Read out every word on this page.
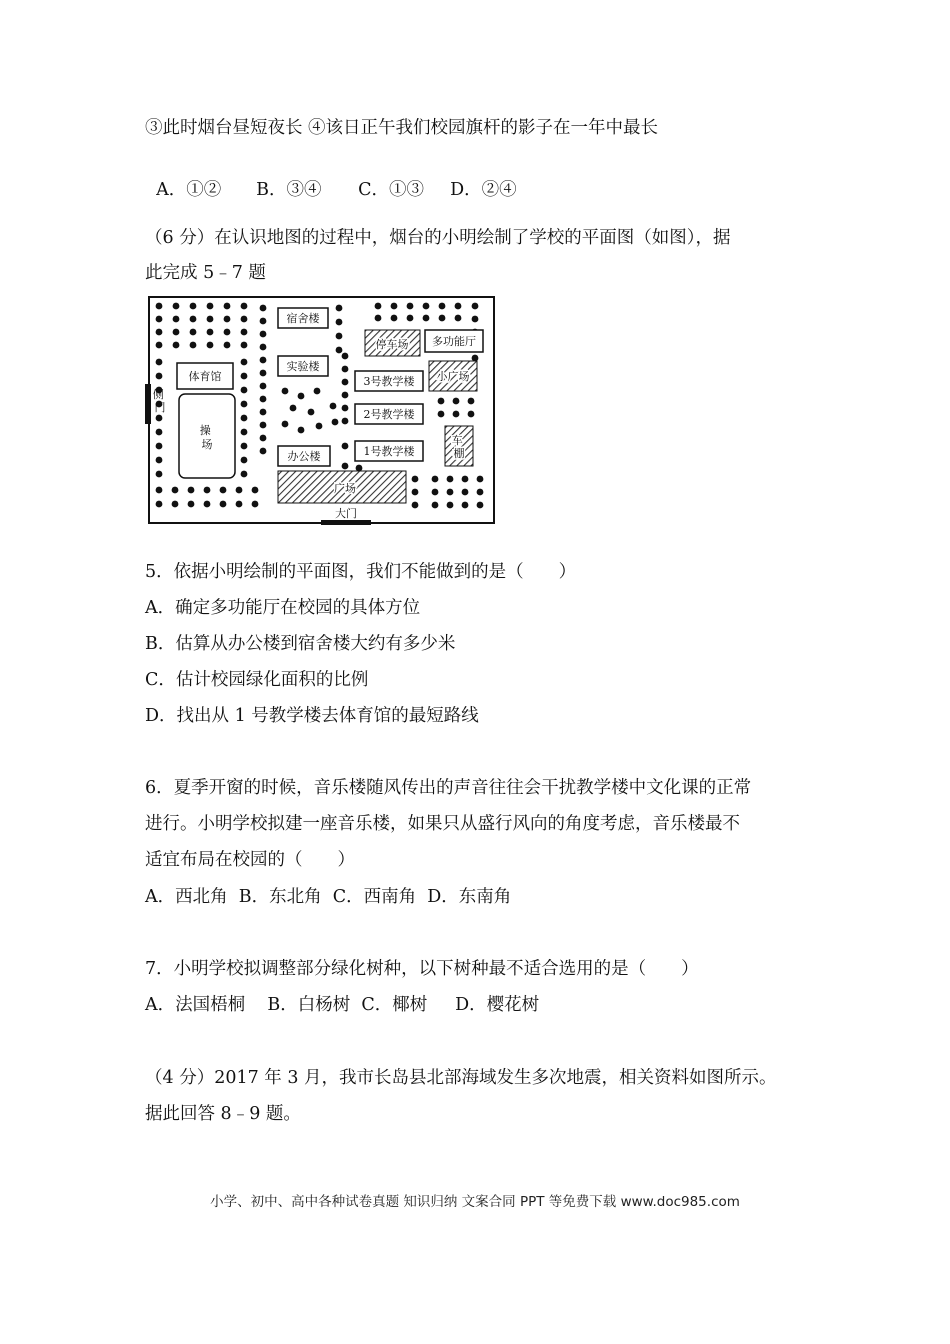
③此时烟台昼短夜长 ④该日正午我们校园旗杆的影子在一年中最长

A．①② B．③④ C．①③ D．②④

（6 分）在认识地图的过程中，烟台的小明绘制了学校的平面图（如图），据
此完成 5﹣7 题
体育馆
操 场
侧 门
宿舍楼
实验楼
办公楼
广场
大门
停车场 多功能厅
3号教学楼 小广场
2号教学楼
1号教学楼
车 棚
5．依据小明绘制的平面图，我们不能做到的是（　　）
A．确定多功能厅在校园的具体方位
B．估算从办公楼到宿舍楼大约有多少米
C．估计校园绿化面积的比例
D．找出从 1 号教学楼去体育馆的最短路线
6．夏季开窗的时候，音乐楼随风传出的声音往往会干扰教学楼中文化课的正常
进行。小明学校拟建一座音乐楼，如果只从盛行风向的角度考虑，音乐楼最不
适宜布局在校园的（　　）
A．西北角  B．东北角  C．西南角  D．东南角
7．小明学校拟调整部分绿化树种，以下树种最不适合选用的是（　　）
A．法国梧桐    B．白杨树  C．椰树     D．樱花树
（4 分）2017 年 3 月，我市长岛县北部海域发生多次地震，相关资料如图所示。
据此回答 8﹣9 题。
小学、初中、高中各种试卷真题 知识归纳 文案合同 PPT 等免费下载 www.doc985.com
